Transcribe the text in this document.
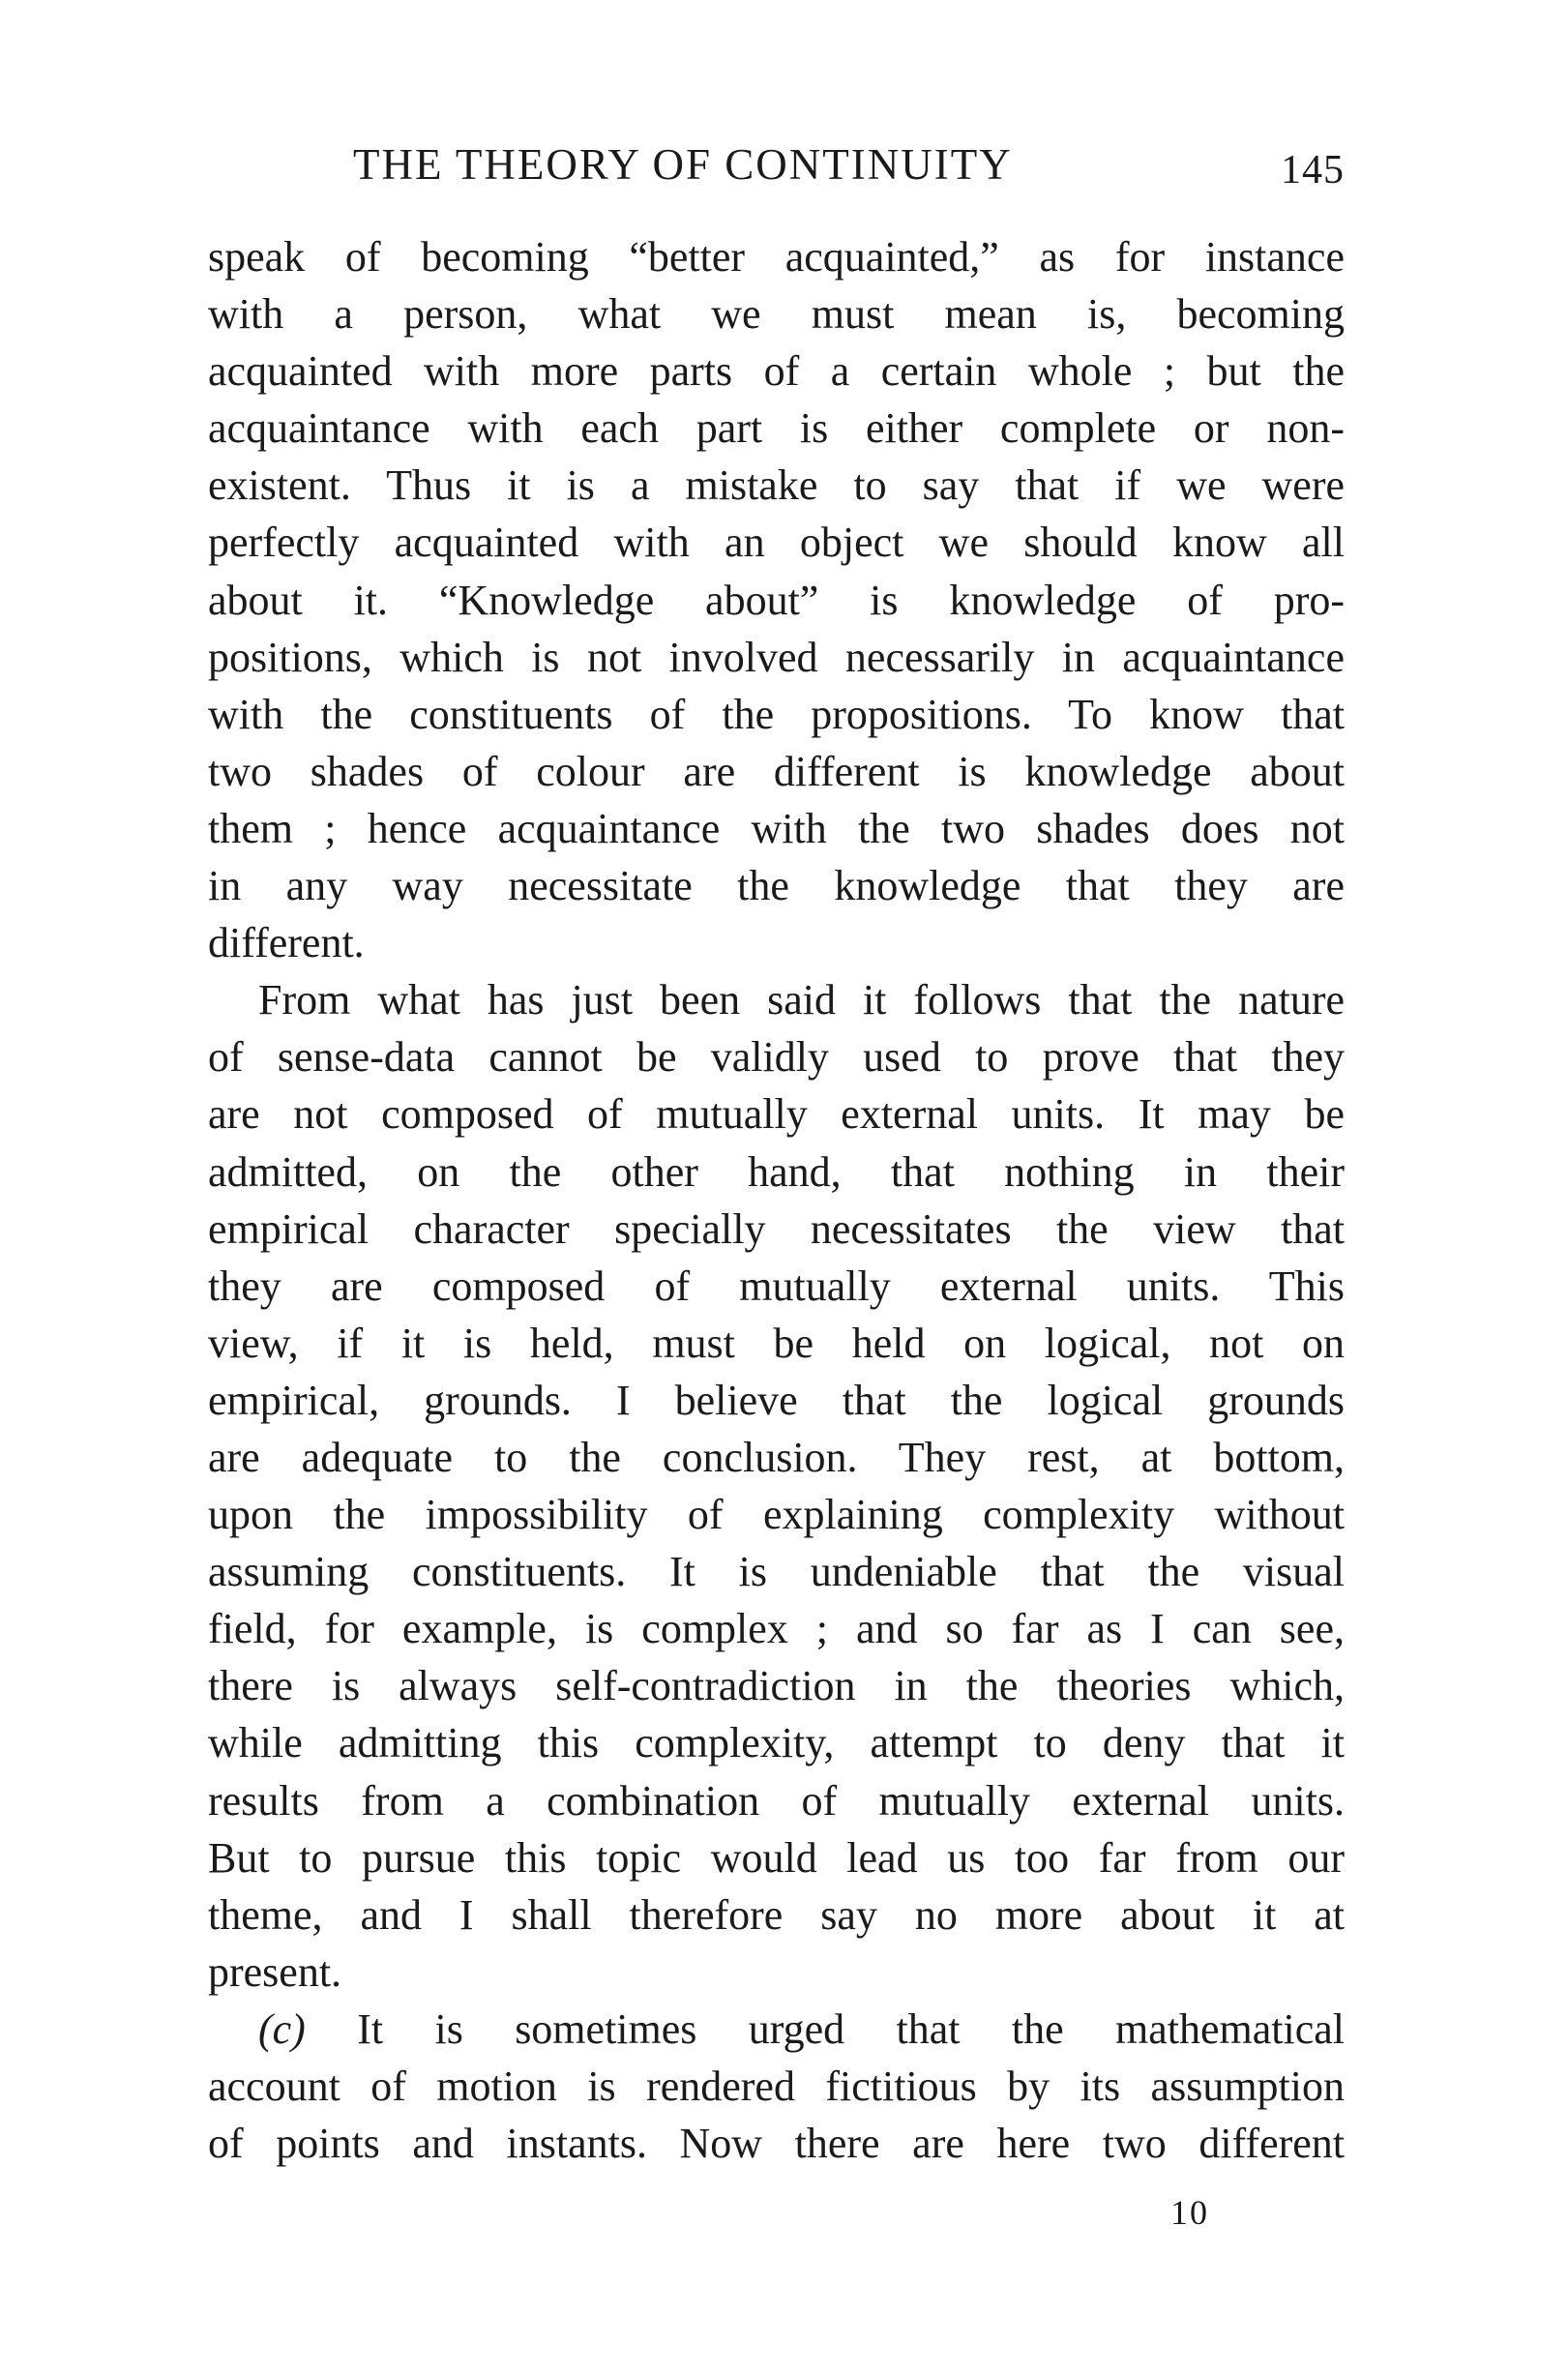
THE THEORY OF CONTINUITY	145
speak of becoming “better acquainted,” as for instance
with a person, what we must mean is, becoming
acquainted with more parts of a certain whole ; but the
acquaintance with each part is either complete or non-
existent. Thus it is a mistake to say that if we were
perfectly acquainted with an object we should know all
about it. “Knowledge about” is knowledge of pro-
positions, which is not involved necessarily in acquaintance
with the constituents of the propositions. To know that
two shades of colour are different is knowledge about
them ; hence acquaintance with the two shades does not
in any way necessitate the knowledge that they are
different.
From what has just been said it follows that the nature
of sense-data cannot be validly used to prove that they
are not composed of mutually external units. It may be
admitted, on the other hand, that nothing in their
empirical character specially necessitates the view that
they are composed of mutually external units. This
view, if it is held, must be held on logical, not on
empirical, grounds. I believe that the logical grounds
are adequate to the conclusion. They rest, at bottom,
upon the impossibility of explaining complexity without
assuming constituents. It is undeniable that the visual
field, for example, is complex ; and so far as I can see,
there is always self-contradiction in the theories which,
while admitting this complexity, attempt to deny that it
results from a combination of mutually external units.
But to pursue this topic would lead us too far from our
theme, and I shall therefore say no more about it at
present.
(c) It is sometimes urged that the mathematical
account of motion is rendered fictitious by its assumption
of points and instants. Now there are here two different
10
